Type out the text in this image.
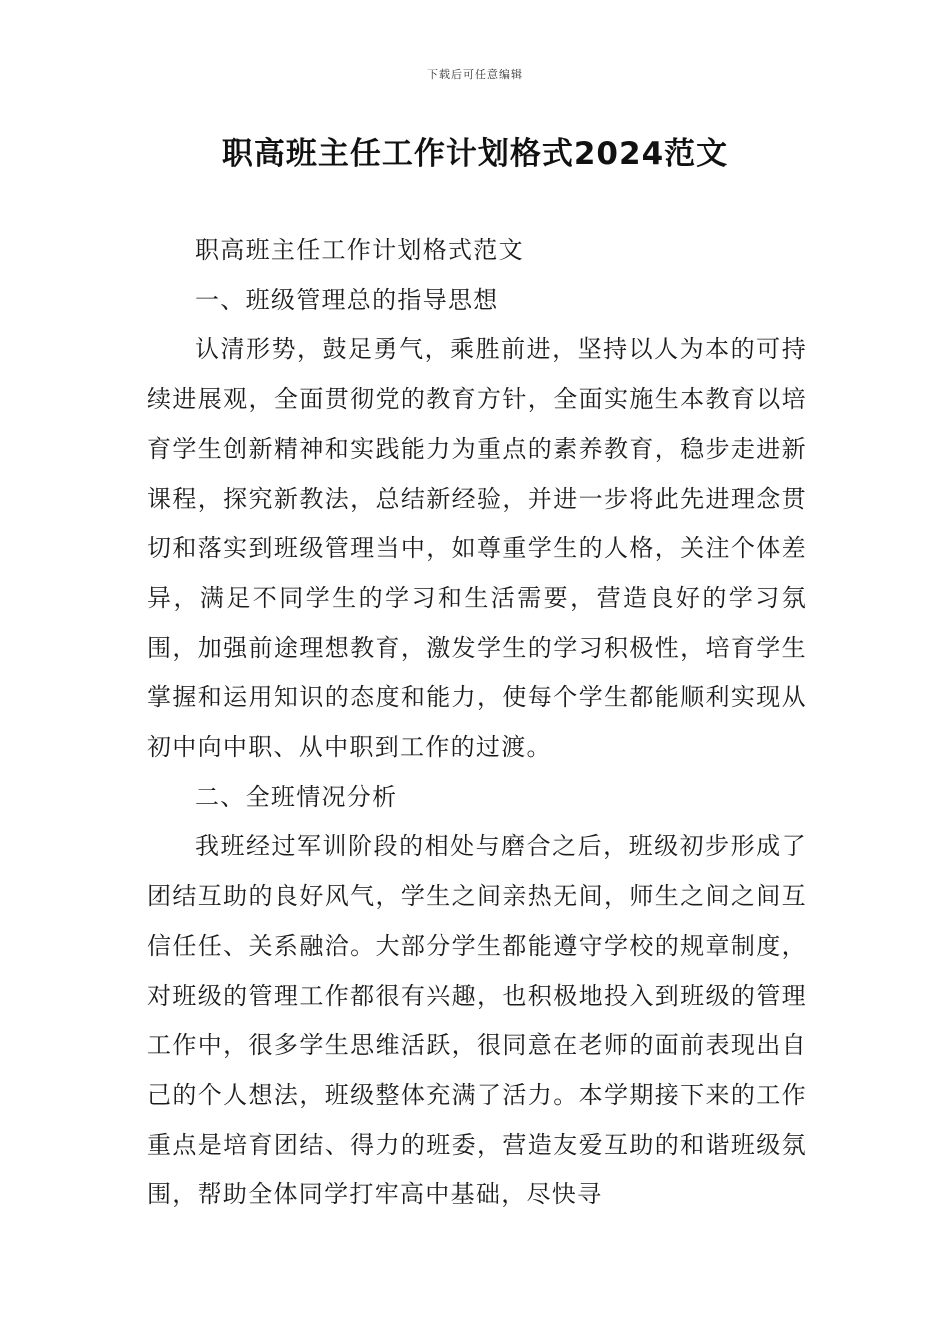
下载后可任意编辑
职高班主任工作计划格式2024范文

职高班主任工作计划格式范文

一、班级管理总的指导思想

认清形势，鼓足勇气，乘胜前进，坚持以人为本的可持续进展观，全面贯彻党的教育方针，全面实施生本教育以培育学生创新精神和实践能力为重点的素养教育，稳步走进新课程，探究新教法，总结新经验，并进一步将此先进理念贯切和落实到班级管理当中，如尊重学生的人格，关注个体差异，满足不同学生的学习和生活需要，营造良好的学习氛围，加强前途理想教育，激发学生的学习积极性，培育学生掌握和运用知识的态度和能力，使每个学生都能顺利实现从初中向中职、从中职到工作的过渡。

二、全班情况分析

我班经过军训阶段的相处与磨合之后，班级初步形成了团结互助的良好风气，学生之间亲热无间，师生之间之间互信任任、关系融洽。大部分学生都能遵守学校的规章制度，对班级的管理工作都很有兴趣，也积极地投入到班级的管理工作中，很多学生思维活跃，很同意在老师的面前表现出自己的个人想法，班级整体充满了活力。本学期接下来的工作重点是培育团结、得力的班委，营造友爱互助的和谐班级氛围，帮助全体同学打牢高中基础，尽快寻
